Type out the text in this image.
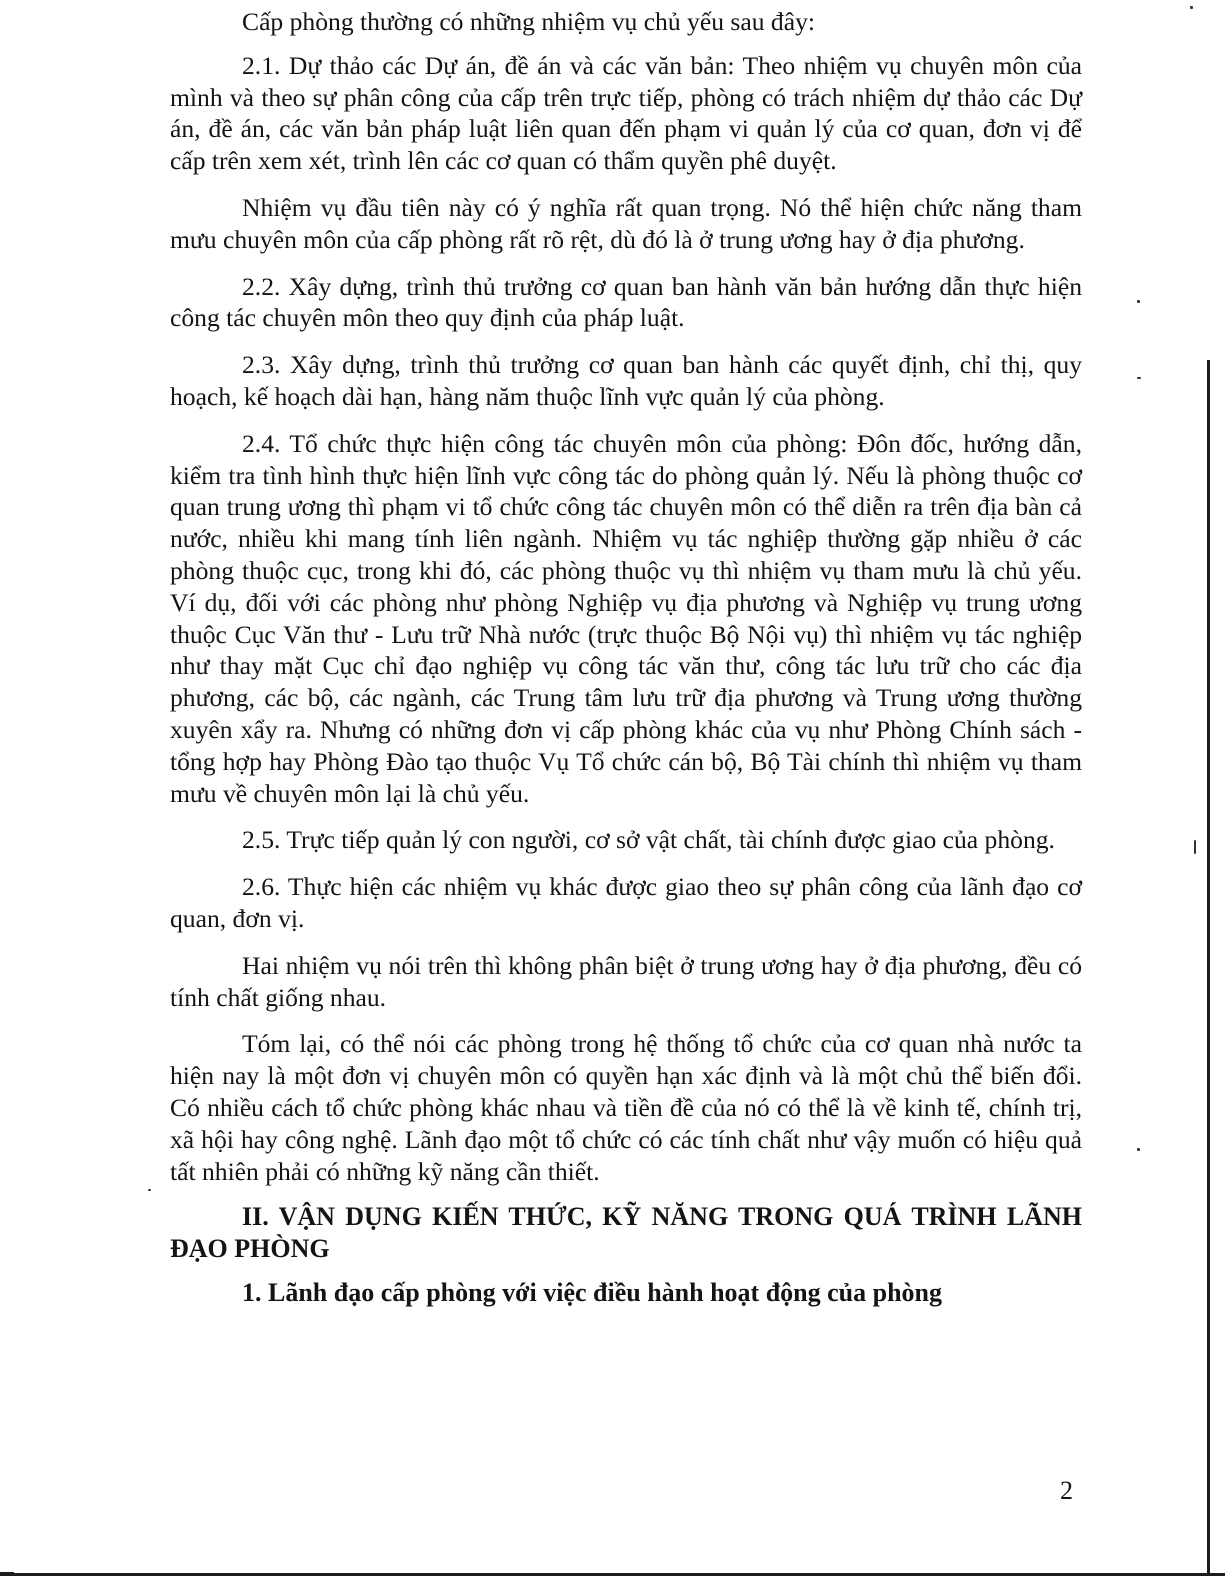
Cấp phòng thường có những nhiệm vụ chủ yếu sau đây:

2.1. Dự thảo các Dự án, đề án và các văn bản: Theo nhiệm vụ chuyên môn của mình và theo sự phân công của cấp trên trực tiếp, phòng có trách nhiệm dự thảo các Dự án, đề án, các văn bản pháp luật liên quan đến phạm vi quản lý của cơ quan, đơn vị để cấp trên xem xét, trình lên các cơ quan có thẩm quyền phê duyệt.

Nhiệm vụ đầu tiên này có ý nghĩa rất quan trọng. Nó thể hiện chức năng tham mưu chuyên môn của cấp phòng rất rõ rệt, dù đó là ở trung ương hay ở địa phương.

2.2. Xây dựng, trình thủ trưởng cơ quan ban hành văn bản hướng dẫn thực hiện công tác chuyên môn theo quy định của pháp luật.

2.3. Xây dựng, trình thủ trưởng cơ quan ban hành các quyết định, chỉ thị, quy hoạch, kế hoạch dài hạn, hàng năm thuộc lĩnh vực quản lý của phòng.

2.4. Tổ chức thực hiện công tác chuyên môn của phòng: Đôn đốc, hướng dẫn, kiểm tra tình hình thực hiện lĩnh vực công tác do phòng quản lý. Nếu là phòng thuộc cơ quan trung ương thì phạm vi tổ chức công tác chuyên môn có thể diễn ra trên địa bàn cả nước, nhiều khi mang tính liên ngành. Nhiệm vụ tác nghiệp thường gặp nhiều ở các phòng thuộc cục, trong khi đó, các phòng thuộc vụ thì nhiệm vụ tham mưu là chủ yếu. Ví dụ, đối với các phòng như phòng Nghiệp vụ địa phương và Nghiệp vụ trung ương thuộc Cục Văn thư - Lưu trữ Nhà nước (trực thuộc Bộ Nội vụ) thì nhiệm vụ tác nghiệp như thay mặt Cục chỉ đạo nghiệp vụ công tác văn thư, công tác lưu trữ cho các địa phương, các bộ, các ngành, các Trung tâm lưu trữ địa phương và Trung ương thường xuyên xẩy ra. Nhưng có những đơn vị cấp phòng khác của vụ như Phòng Chính sách - tổng hợp hay Phòng Đào tạo thuộc Vụ Tổ chức cán bộ, Bộ Tài chính thì nhiệm vụ tham mưu về chuyên môn lại là chủ yếu.

2.5. Trực tiếp quản lý con người, cơ sở vật chất, tài chính được giao của phòng.

2.6. Thực hiện các nhiệm vụ khác được giao theo sự phân công của lãnh đạo cơ quan, đơn vị.

Hai nhiệm vụ nói trên thì không phân biệt ở trung ương hay ở địa phương, đều có tính chất giống nhau.

Tóm lại, có thể nói các phòng trong hệ thống tổ chức của cơ quan nhà nước ta hiện nay là một đơn vị chuyên môn có quyền hạn xác định và là một chủ thể biến đổi. Có nhiều cách tổ chức phòng khác nhau và tiền đề của nó có thể là về kinh tế, chính trị, xã hội hay công nghệ. Lãnh đạo một tổ chức có các tính chất như vậy muốn có hiệu quả tất nhiên phải có những kỹ năng cần thiết.

II. VẬN DỤNG KIẾN THỨC, KỸ NĂNG TRONG QUÁ TRÌNH LÃNH ĐẠO PHÒNG

1. Lãnh đạo cấp phòng với việc điều hành hoạt động của phòng

2
